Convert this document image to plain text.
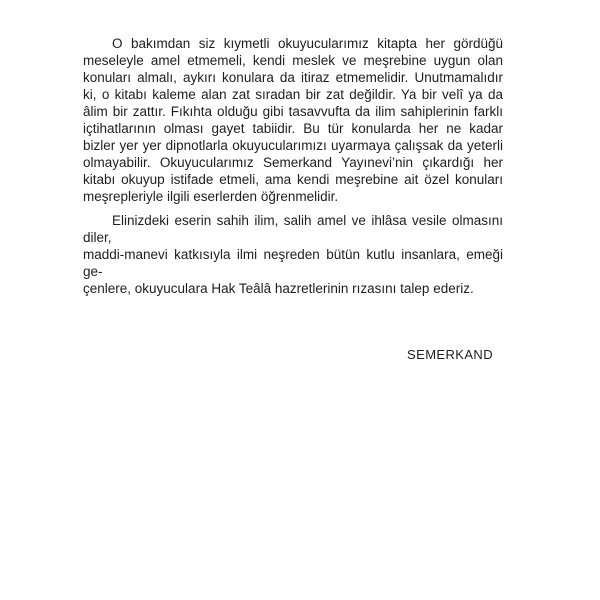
O bakımdan siz kıymetli okuyucularımız kitapta her gördüğü
meseleyle amel etmemeli, kendi meslek ve meşrebine uygun olan
konuları almalı, aykırı konulara da itiraz etmemelidir. Unutmamalıdır
ki, o kitabı kaleme alan zat sıradan bir zat değildir. Ya bir velî ya da
âlim bir zattır. Fıkıhta olduğu gibi tasavvufta da ilim sahiplerinin farklı
içtihatlarının olması gayet tabiidir. Bu tür konularda her ne kadar
bizler yer yer dipnotlarla okuyucularımızı uyarmaya çalışsak da yeterli
olmayabilir. Okuyucularımız Semerkand Yayınevi’nin çıkardığı her
kitabı okuyup istifade etmeli, ama kendi meşrebine ait özel konuları
meşrepleriyle ilgili eserlerden öğrenmelidir.
Elinizdeki eserin sahih ilim, salih amel ve ihlâsa vesile olmasını diler,
maddi-manevi katkısıyla ilmi neşreden bütün kutlu insanlara, emeği ge-
çenlere, okuyuculara Hak Teâlâ hazretlerinin rızasını talep ederiz.
SEMERKAND
